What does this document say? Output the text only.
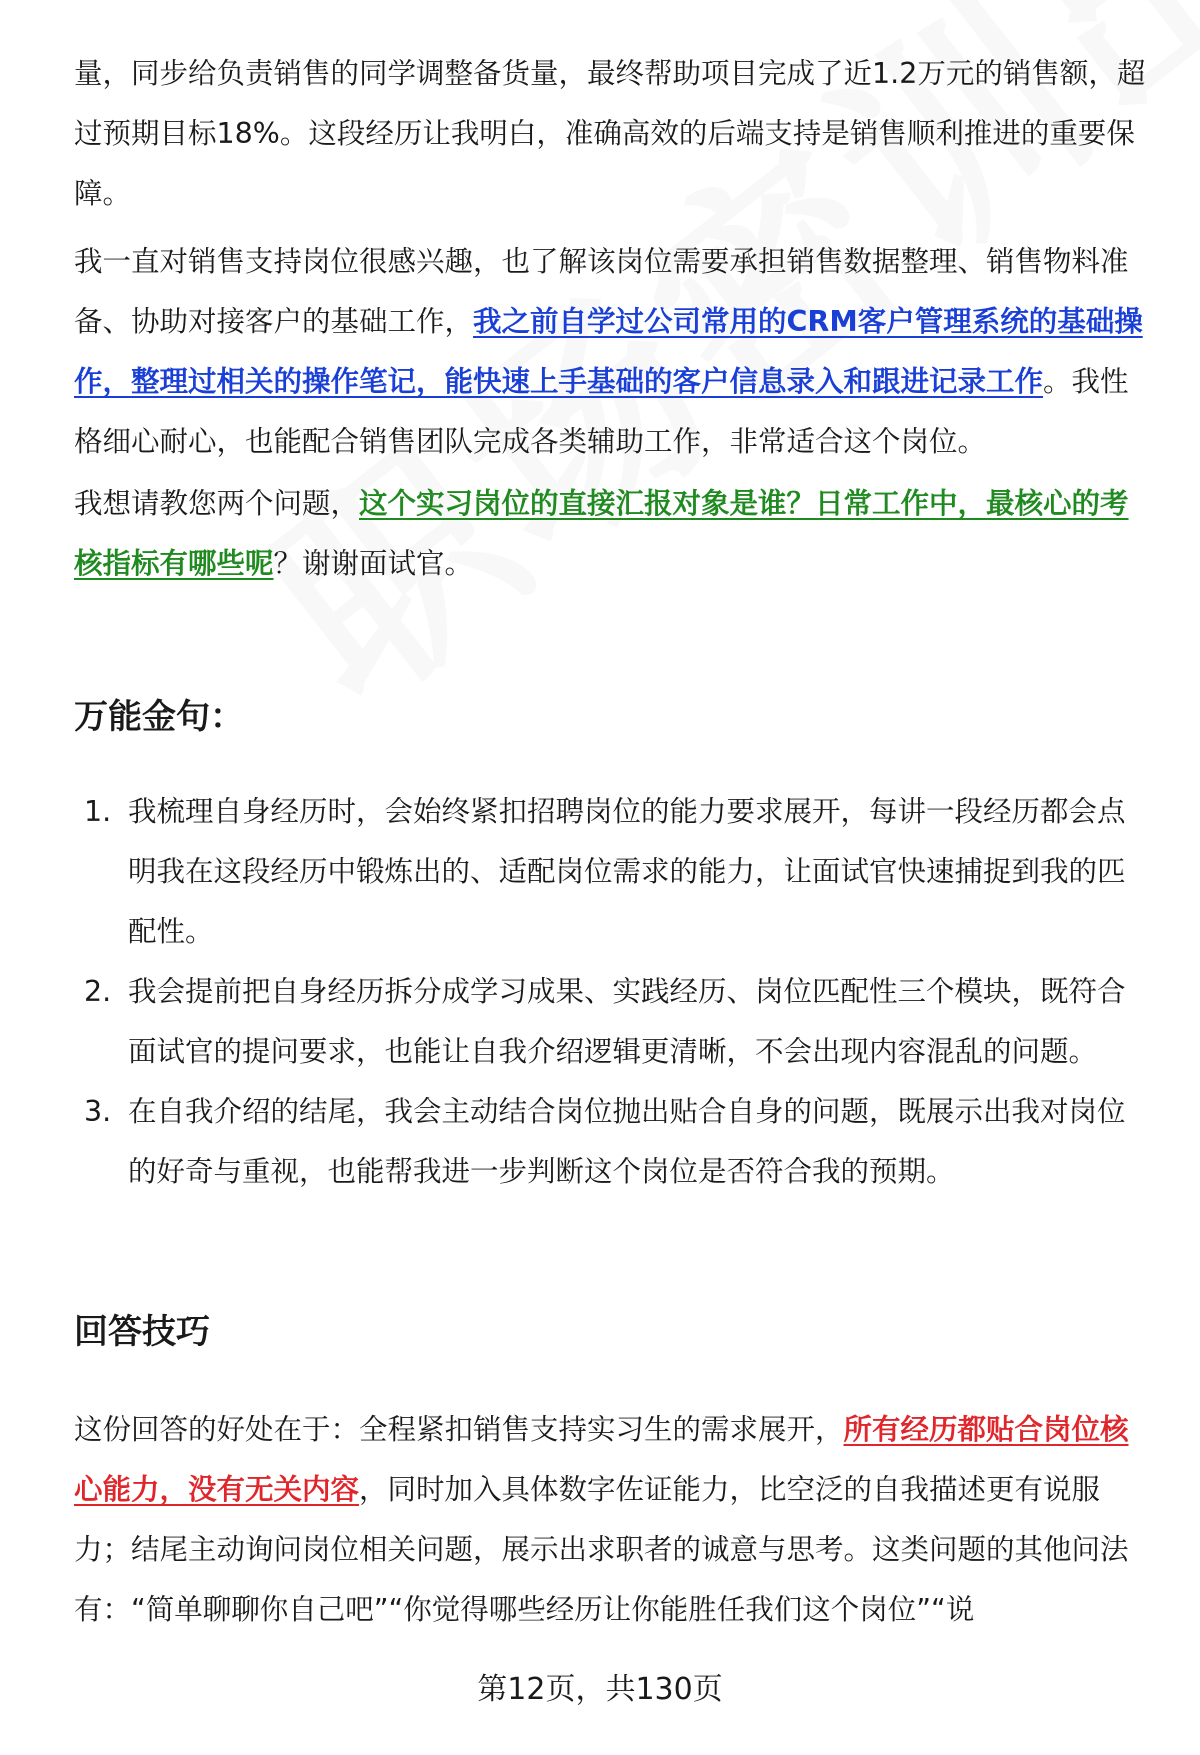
量，同步给负责销售的同学调整备货量，最终帮助项目完成了近1.2万元的销售额，超过预期目标18%。这段经历让我明白，准确高效的后端支持是销售顺利推进的重要保障。

我一直对销售支持岗位很感兴趣，也了解该岗位需要承担销售数据整理、销售物料准备、协助对接客户的基础工作，我之前自学过公司常用的CRM客户管理系统的基础操作，整理过相关的操作笔记，能快速上手基础的客户信息录入和跟进记录工作。我性格细心耐心，也能配合销售团队完成各类辅助工作，非常适合这个岗位。

我想请教您两个问题，这个实习岗位的直接汇报对象是谁？日常工作中，最核心的考核指标有哪些呢？谢谢面试官。

万能金句：
1. 我梳理自身经历时，会始终紧扣招聘岗位的能力要求展开，每讲一段经历都会点明我在这段经历中锻炼出的、适配岗位需求的能力，让面试官快速捕捉到我的匹配性。
2. 我会提前把自身经历拆分成学习成果、实践经历、岗位匹配性三个模块，既符合面试官的提问要求，也能让自我介绍逻辑更清晰，不会出现内容混乱的问题。
3. 在自我介绍的结尾，我会主动结合岗位抛出贴合自身的问题，既展示出我对岗位的好奇与重视，也能帮我进一步判断这个岗位是否符合我的预期。
回答技巧

这份回答的好处在于：全程紧扣销售支持实习生的需求展开，所有经历都贴合岗位核心能力，没有无关内容，同时加入具体数字佐证能力，比空泛的自我描述更有说服力；结尾主动询问岗位相关问题，展示出求职者的诚意与思考。这类问题的其他问法有：“简单聊聊你自己吧”“你觉得哪些经历让你能胜任我们这个岗位”“说

第12页，共130页
